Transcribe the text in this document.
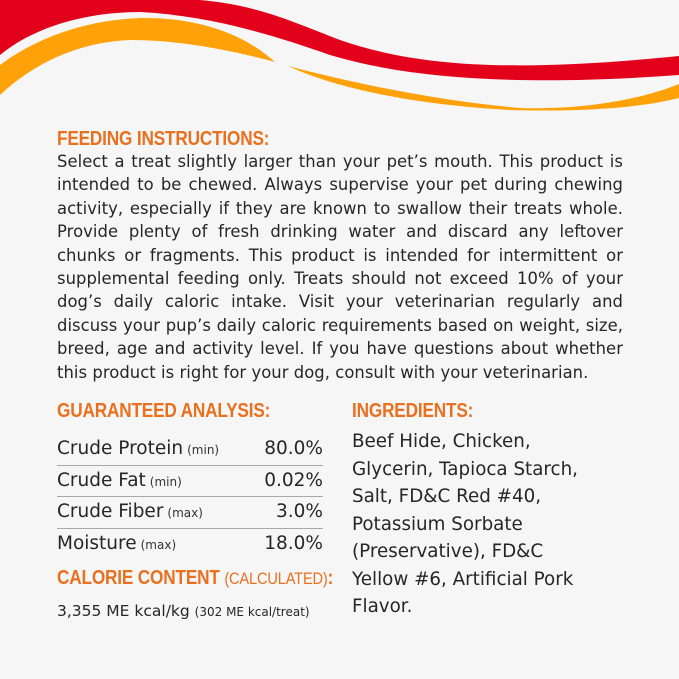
FEEDING INSTRUCTIONS:
Select a treat slightly larger than your pet’s mouth. This product is intended to be chewed. Always supervise your pet during chewing activity, especially if they are known to swallow their treats whole. Provide plenty of fresh drinking water and discard any leftover chunks or fragments. This product is intended for intermittent or supplemental feeding only. Treats should not exceed 10% of your dog’s daily caloric intake. Visit your veterinarian regularly and discuss your pup’s daily caloric requirements based on weight, size, breed, age and activity level. If you have questions about whether this product is right for your dog, consult with your veterinarian.
GUARANTEED ANALYSIS:
Crude Protein (min) 80.0%
Crude Fat (min)	0.02%
Crude Fiber (max)	3.0%
Moisture (max)	18.0%
CALORIE CONTENT (CALCULATED):
3,355 ME kcal/kg (302 ME kcal/treat)
INGREDIENTS:
Beef Hide, Chicken, Glycerin, Tapioca Starch, Salt, FD&C Red #40, Potassium Sorbate (Preservative), FD&C Yellow #6, Artificial Pork Flavor.
